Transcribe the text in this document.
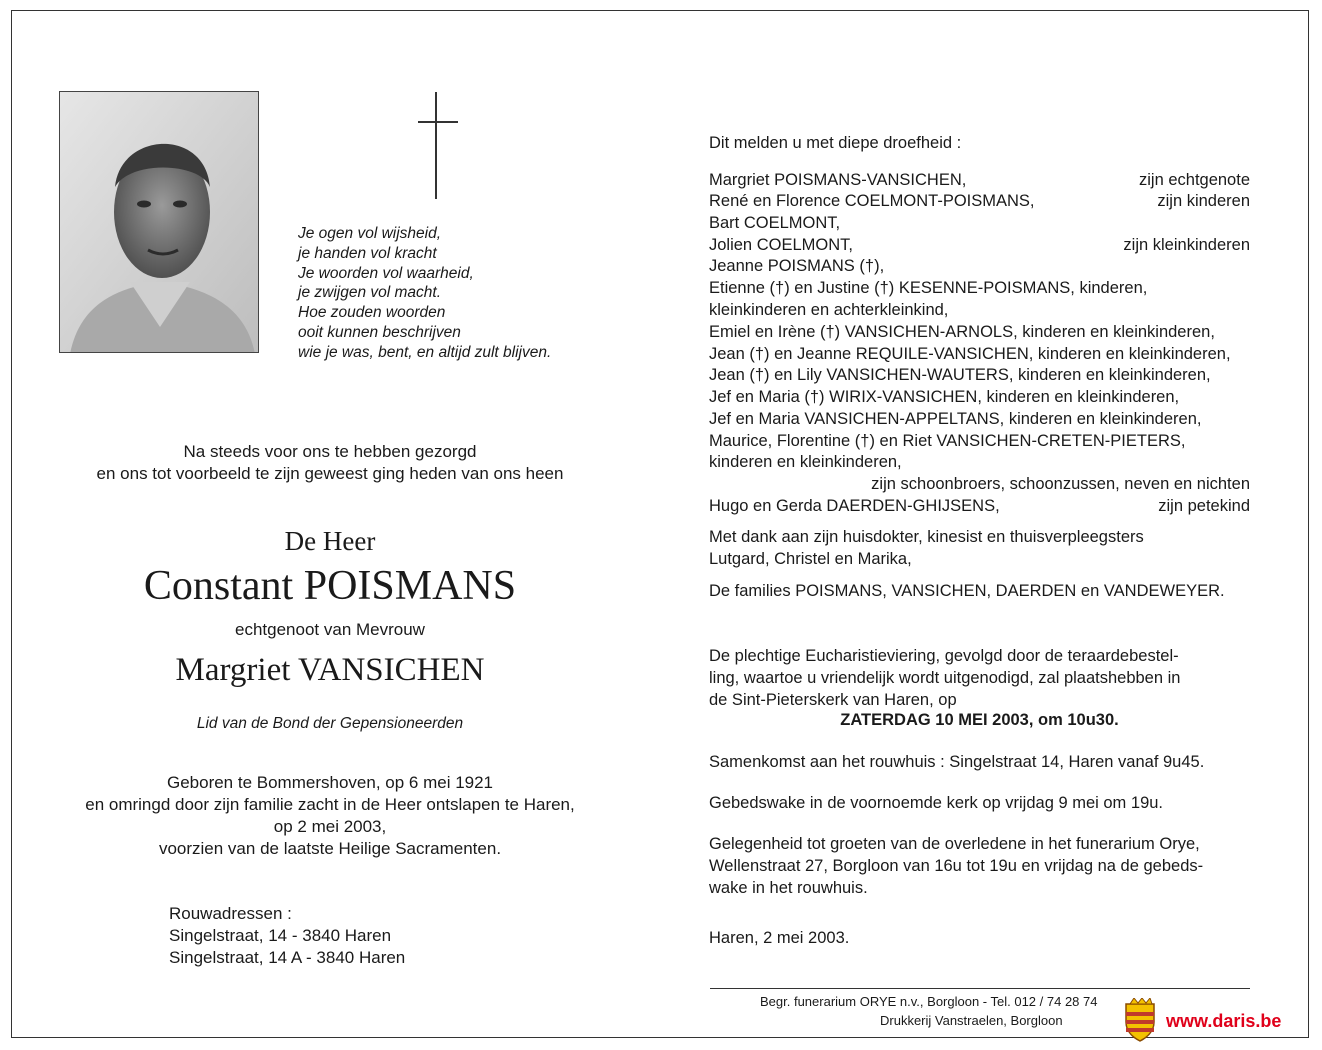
Je ogen vol wijsheid,
je handen vol kracht
Je woorden vol waarheid,
je zwijgen vol macht.
Hoe zouden woorden
ooit kunnen beschrijven
wie je was, bent, en altijd zult blijven.
Na steeds voor ons te hebben gezorgd
en ons tot voorbeeld te zijn geweest ging heden van ons heen
De Heer
Constant POISMANS
echtgenoot van Mevrouw
Margriet VANSICHEN
Lid van de Bond der Gepensioneerden
Geboren te Bommershoven, op 6 mei 1921
en omringd door zijn familie zacht in de Heer ontslapen te Haren,
op 2 mei 2003,
voorzien van de laatste Heilige Sacramenten.
Rouwadressen :
Singelstraat, 14 - 3840 Haren
Singelstraat, 14 A - 3840 Haren
Dit melden u met diepe droefheid :
Margriet POISMANS-VANSICHEN,	zijn echtgenote
René en Florence COELMONT-POISMANS,	zijn kinderen
Bart COELMONT,
Jolien COELMONT,	zijn kleinkinderen
Jeanne POISMANS (†),
Etienne (†) en Justine (†) KESENNE-POISMANS, kinderen,
kleinkinderen en achterkleinkind,
Emiel en Irène (†) VANSICHEN-ARNOLS, kinderen en kleinkinderen,
Jean (†) en Jeanne REQUILE-VANSICHEN, kinderen en kleinkinderen,
Jean (†) en Lily VANSICHEN-WAUTERS, kinderen en kleinkinderen,
Jef en Maria (†) WIRIX-VANSICHEN, kinderen en kleinkinderen,
Jef en Maria VANSICHEN-APPELTANS, kinderen en kleinkinderen,
Maurice, Florentine (†) en Riet VANSICHEN-CRETEN-PIETERS,
kinderen en kleinkinderen,
zijn schoonbroers, schoonzussen, neven en nichten
Hugo en Gerda DAERDEN-GHIJSENS,	zijn petekind
Met dank aan zijn huisdokter, kinesist en thuisverpleegsters
Lutgard, Christel en Marika,
De families POISMANS, VANSICHEN, DAERDEN en VANDEWEYER.
De plechtige Eucharistieviering, gevolgd door de teraardebestel-
ling, waartoe u vriendelijk wordt uitgenodigd, zal plaatshebben in
de Sint-Pieterskerk van Haren, op
ZATERDAG 10 MEI 2003, om 10u30.
Samenkomst aan het rouwhuis : Singelstraat 14, Haren vanaf 9u45.
Gebedswake in de voornoemde kerk op vrijdag 9 mei om 19u.
Gelegenheid tot groeten van de overledene in het funerarium Orye,
Wellenstraat 27, Borgloon van 16u tot 19u en vrijdag na de gebeds-
wake in het rouwhuis.
Haren, 2 mei 2003.
Begr. funerarium ORYE n.v., Borgloon - Tel. 012 / 74 28 74
Drukkerij Vanstraelen, Borgloon	www.daris.be
